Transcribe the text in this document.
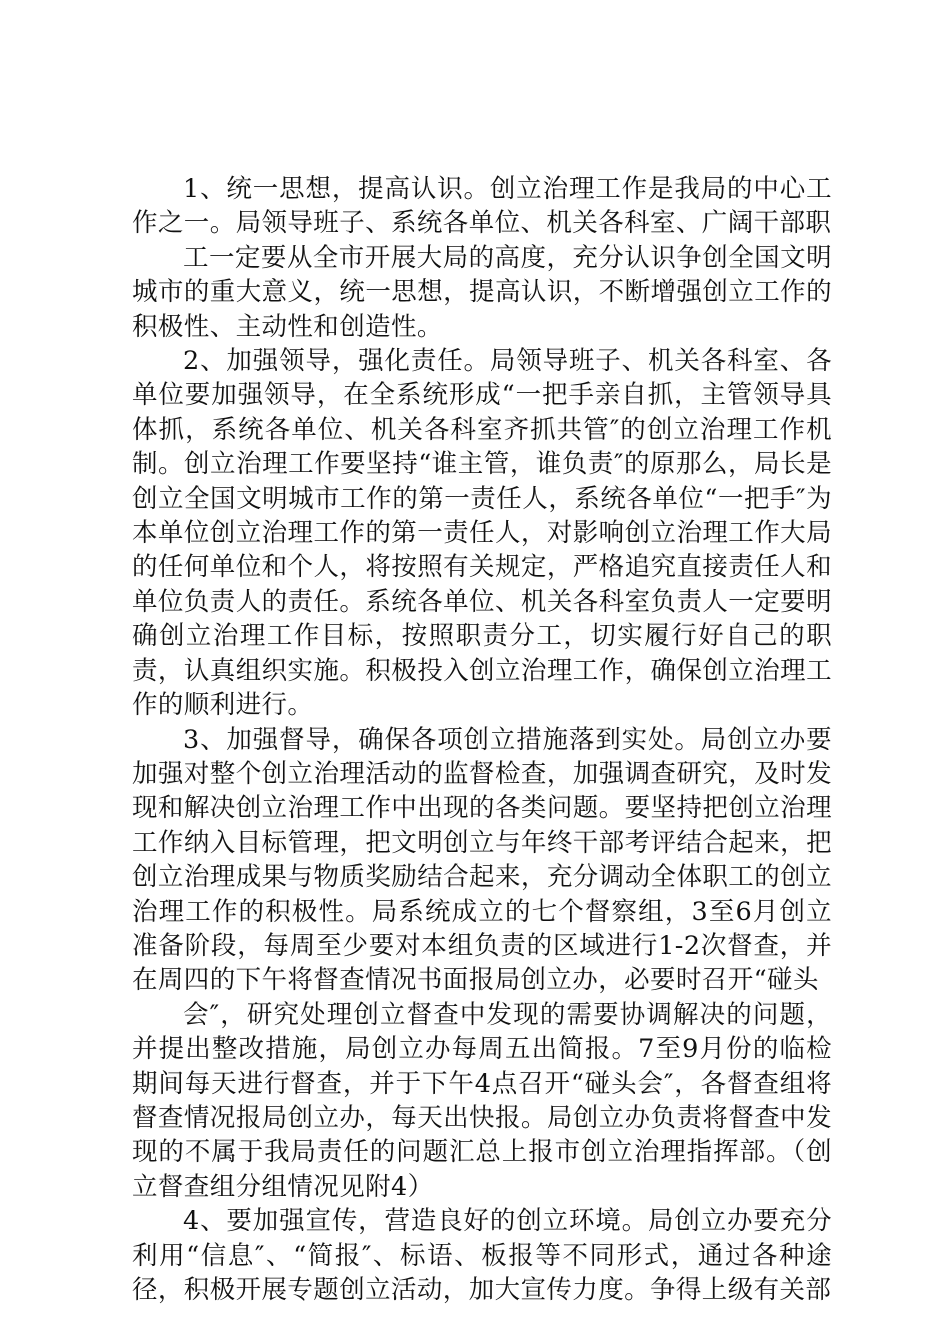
1、统一思想，提高认识。创立治理工作是我局的中心工作之一。局领导班子、系统各单位、机关各科室、广阔干部职

工一定要从全市开展大局的高度，充分认识争创全国文明城市的重大意义，统一思想，提高认识，不断增强创立工作的积极性、主动性和创造性。

2、加强领导，强化责任。局领导班子、机关各科室、各单位要加强领导，在全系统形成“一把手亲自抓，主管领导具体抓，系统各单位、机关各科室齐抓共管″的创立治理工作机制。创立治理工作要坚持“谁主管，谁负责″的原那么，局长是创立全国文明城市工作的第一责任人，系统各单位“一把手″为本单位创立治理工作的第一责任人，对影响创立治理工作大局的任何单位和个人，将按照有关规定，严格追究直接责任人和单位负责人的责任。系统各单位、机关各科室负责人一定要明确创立治理工作目标，按照职责分工，切实履行好自己的职责，认真组织实施。积极投入创立治理工作，确保创立治理工作的顺利进行。

3、加强督导，确保各项创立措施落到实处。局创立办要加强对整个创立治理活动的监督检查，加强调查研究，及时发现和解决创立治理工作中出现的各类问题。要坚持把创立治理工作纳入目标管理，把文明创立与年终干部考评结合起来，把创立治理成果与物质奖励结合起来，充分调动全体职工的创立治理工作的积极性。局系统成立的七个督察组，3至6月创立准备阶段，每周至少要对本组负责的区域进行1-2次督查，并在周四的下午将督查情况书面报局创立办，必要时召开“碰头

会″，研究处理创立督查中发现的需要协调解决的问题，并提出整改措施，局创立办每周五出简报。7至9月份的临检期间每天进行督查，并于下午4点召开“碰头会″，各督查组将督查情况报局创立办，每天出快报。局创立办负责将督查中发现的不属于我局责任的问题汇总上报市创立治理指挥部。（创立督查组分组情况见附4）

4、要加强宣传，营造良好的创立环境。局创立办要充分利用“信息″、“简报″、标语、板报等不同形式，通过各种途径，积极开展专题创立活动，加大宣传力度。争得上级有关部
